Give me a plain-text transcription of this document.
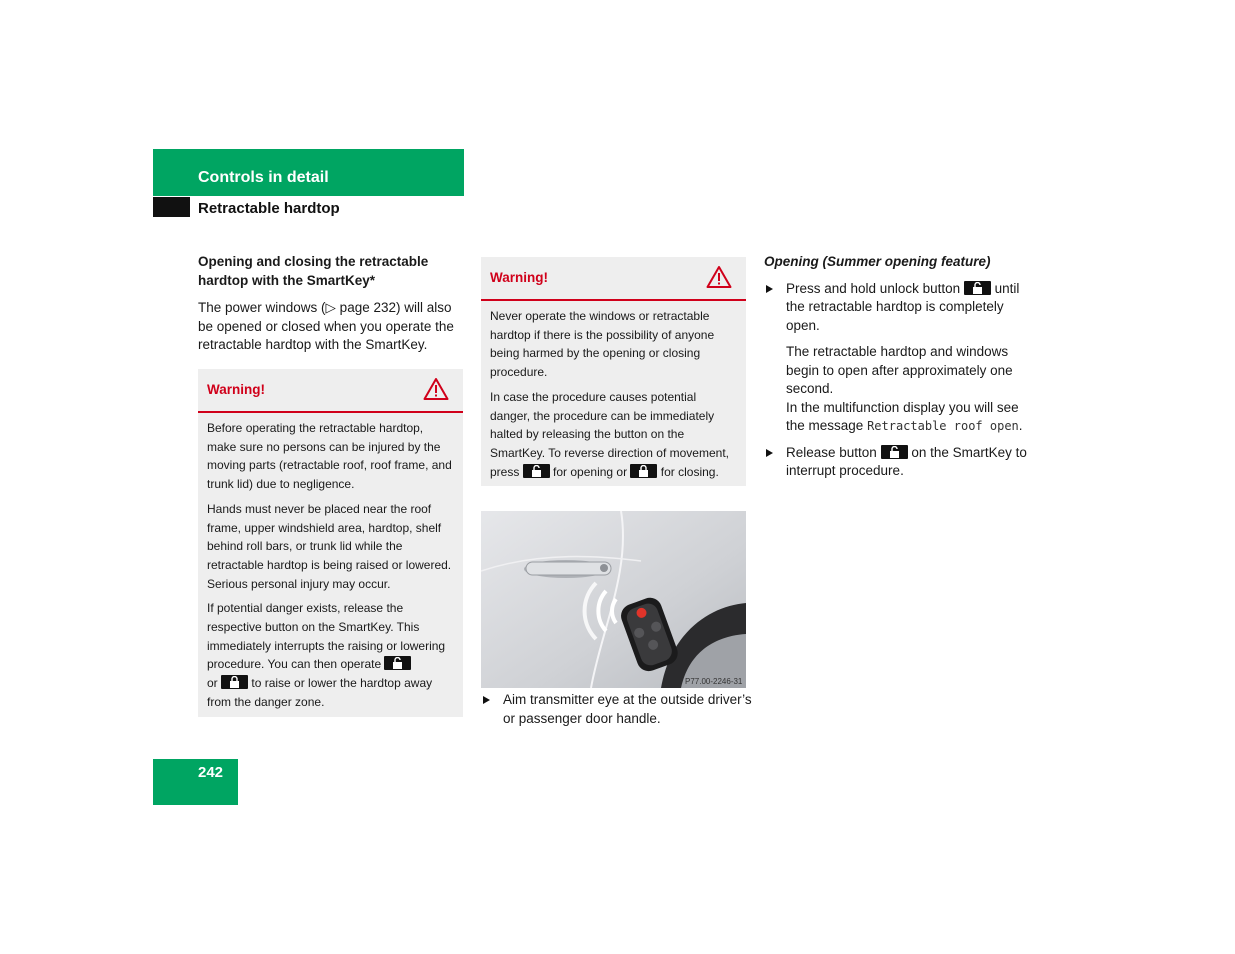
Controls in detail
Retractable hardtop

Opening and closing the retractable hardtop with the SmartKey*

The power windows (▷ page 232) will also be opened or closed when you operate the retractable hardtop with the SmartKey.

Warning!

Before operating the retractable hardtop, make sure no persons can be injured by the moving parts (retractable roof, roof frame, and trunk lid) due to negligence.

Hands must never be placed near the roof frame, upper windshield area, hardtop, shelf behind roll bars, or trunk lid while the retractable hardtop is being raised or lowered. Serious personal injury may occur.

If potential danger exists, release the respective button on the SmartKey. This immediately interrupts the raising or lowering procedure. You can then operate

or	to raise or lower the hardtop away from the danger zone.

Warning!

Never operate the windows or retractable hardtop if there is the possibility of anyone being harmed by the opening or closing procedure.

In case the procedure causes potential danger, the procedure can be immediately halted by releasing the button on the SmartKey. To reverse direction of movement, press	for opening or	for closing.

P77.00-2246-31
Aim transmitter eye at the outside driver’s or passenger door handle.

Opening (Summer opening feature)

Press and hold unlock button	until the retractable hardtop is completely open.

The retractable hardtop and windows begin to open after approximately one second.

In the multifunction display you will see the message Retractable roof open.

Release button	on the SmartKey to interrupt procedure.
242
